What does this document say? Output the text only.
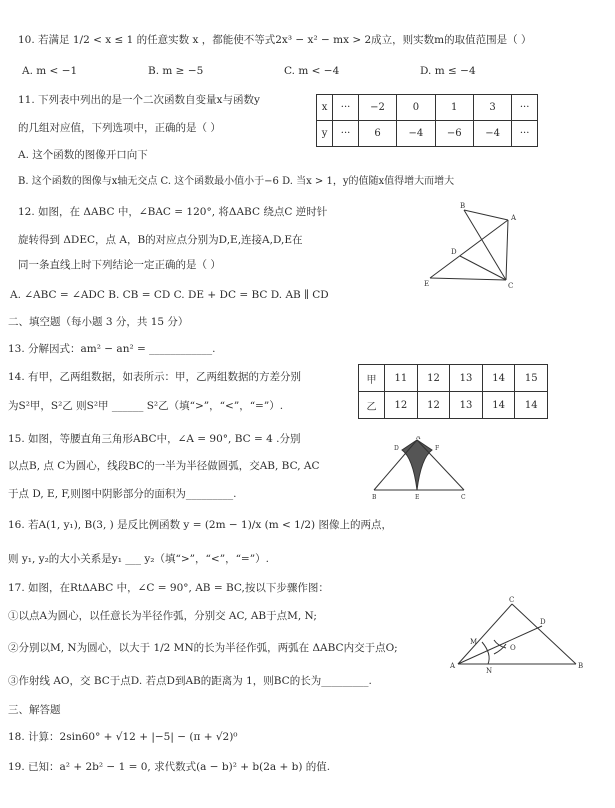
10. 若满足 1/2 < x ≤ 1 的任意实数 x ，都能使不等式2x³ − x² − mx > 2成立，则实数m的取值范围是（ ）
A. m < −1	B. m ≥ −5	C. m < −4	D. m ≤ −4
11. 下列表中列出的是一个二次函数自变量x与函数y
的几组对应值，下列选项中，正确的是（ ）
A. 这个函数的图像开口向下
B. 这个函数的图像与x轴无交点 C. 这个函数最小值小于−6 D. 当x > 1，y的值随x值得增大而增大
x	···	−2	0	1	3	···
y	···	6	−4	−6	−4	···
12. 如图，在 ΔABC 中，∠BAC = 120°, 将ΔABC 绕点C 逆时针
旋转得到 ΔDEC，点 A，B的对应点分别为D,E,连接A,D,E在
同一条直线上时下列结论一定正确的是（ ）
A. ∠ABC = ∠ADC B. CB = CD C. DE + DC = BC D. AB ∥ CD
B
A
D
E	C
二、填空题（每小题 3 分，共 15 分）
13. 分解因式：am² − an² = ____________.
14. 有甲，乙两组数据，如表所示：甲，乙两组数据的方差分别
为S²甲，S²乙 则S²甲 ______ S²乙（填“>”，“<”，“=”）.
甲	11	12	13	14	15
乙	12	12	13	14	14
15. 如图，等腰直角三角形ABC中，∠A = 90°, BC = 4 .分别
以点B, 点 C为圆心，线段BC的一半为半径做圆弧，交AB, BC, AC
于点 D, E, F,则图中阴影部分的面积为_________.
A
D	F
B	E	C
16. 若A(1, y₁), B(3, ) 是反比例函数 y = (2m − 1)/x (m < 1/2) 图像上的两点，
则 y₁, y₂的大小关系是y₁ ___ y₂（填“>”，“<”，“=”）.
17. 如图，在RtΔABC 中，∠C = 90°, AB = BC,按以下步骤作图：
①以点A为圆心，以任意长为半径作弧，分别交 AC, AB于点M, N;
②分别以M, N为圆心，以大于 1/2 MN的长为半径作弧，两弧在 ΔABC内交于点O;
③作射线 AO，交 BC于点D. 若点D到AB的距离为 1，则BC的长为_________.
C
D
M
O
A
N
B
三、解答题
18. 计算：2sin60° + √12 + |−5| − (π + √2)⁰
19. 已知：a² + 2b² − 1 = 0, 求代数式(a − b)² + b(2a + b) 的值.
